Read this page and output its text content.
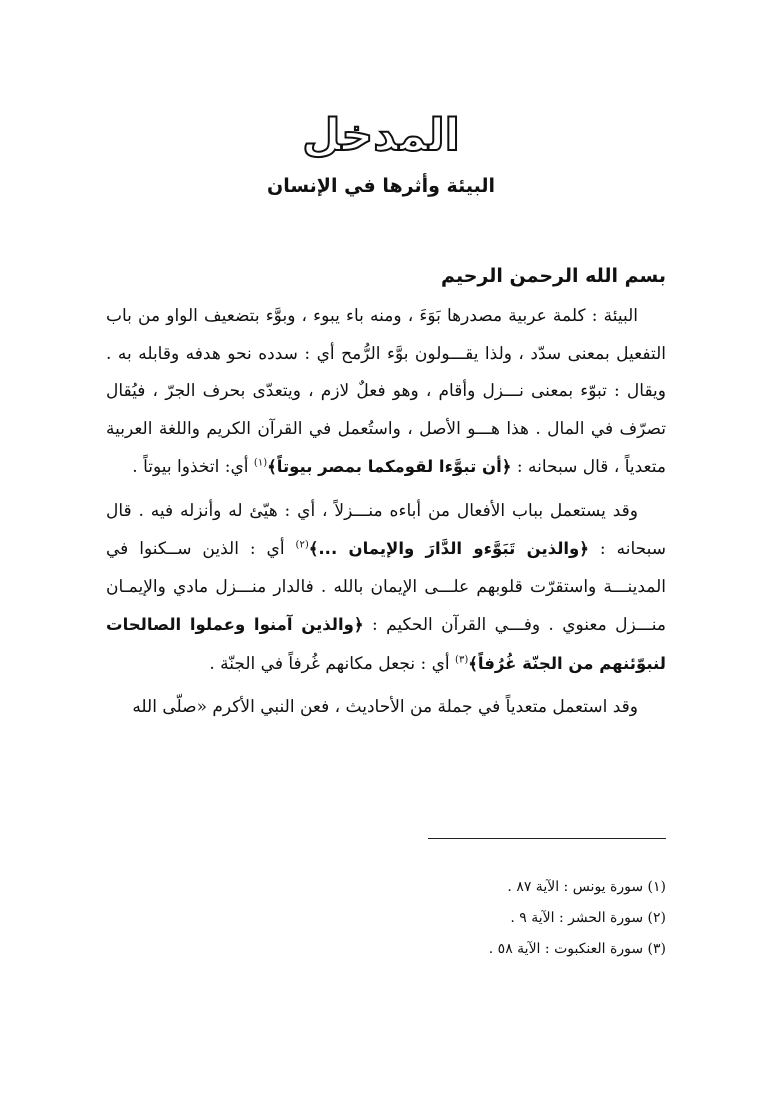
المدخل
البيئة وأثرها في الإنسان
بسم الله الرحمن الرحيم

البيئة : كلمة عربية مصدرها بَوَءَ ، ومنه باء يبوء ، وبوَّء بتضعيف الواو من باب التفعيل بمعنى سدّد ، ولذا يقـــولون بوَّء الرُّمح أي : سدده نحو هدفه وقابله به . ويقال : تبوّء بمعنى نـــزل وأقام ، وهو فعلٌ لازم ، ويتعدّى بحرف الجرّ ، فيُقال تصرّف في المال . هذا هـــو الأصل ، واستُعمل في القرآن الكريم واللغة العربية متعدياً ، قال سبحانه : ﴿أن تبوَّءا لقومكما بمصر بيوتاً﴾$^{(١)}$ أي: اتخذوا بيوتاً .

وقد يستعمل بباب الأفعال من أباءه منـــزلاً ، أي : هيّئ له وأنزله فيه . قال سبحانه : ﴿والذين تَبَوَّءو الدَّارَ والإيمان ...﴾$^{(٢)}$ أي : الذين ســكنوا في المدينـــة واستقرّت قلوبهم علـــى الإيمان بالله . فالدار منـــزل مادي والإيمـان منـــزل معنوي . وفـــي القرآن الحكيم : ﴿والذين آمنوا وعملوا الصالحات لنبوّئنهم من الجنّة غُرُفاً﴾$^{(٣)}$ أي : نجعل مكانهم غُرفاً في الجنّة .

وقد استعمل متعدياً في جملة من الأحاديث ، فعن النبي الأكرم «صلّى الله

(١) سورة يونس : الآية ٨٧ .
(٢) سورة الحشر : الآية ٩ .
(٣) سورة العنكبوت : الآية ٥٨ .
